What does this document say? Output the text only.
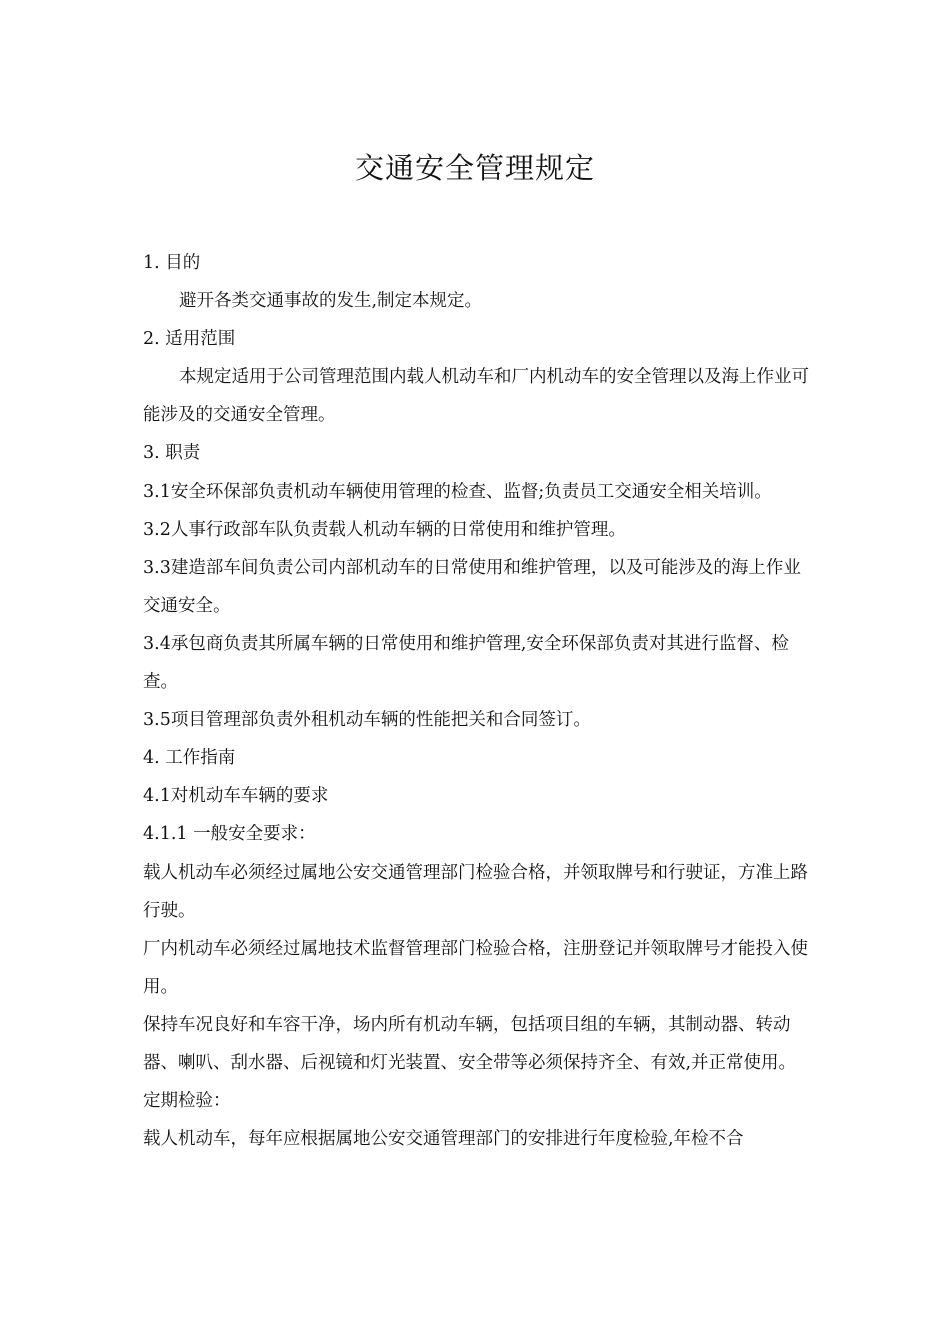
交通安全管理规定

1. 目的

避开各类交通事故的发生,制定本规定。

2. 适用范围

本规定适用于公司管理范围内载人机动车和厂内机动车的安全管理以及海上作业可能涉及的交通安全管理。

3. 职责

3.1安全环保部负责机动车辆使用管理的检查、监督;负责员工交通安全相关培训。

3.2人事行政部车队负责载人机动车辆的日常使用和维护管理。

3.3建造部车间负责公司内部机动车的日常使用和维护管理，以及可能涉及的海上作业交通安全。

3.4承包商负责其所属车辆的日常使用和维护管理,安全环保部负责对其进行监督、检查。

3.5项目管理部负责外租机动车辆的性能把关和合同签订。

4. 工作指南

4.1对机动车车辆的要求

4.1.1 一般安全要求：

载人机动车必须经过属地公安交通管理部门检验合格，并领取牌号和行驶证，方准上路行驶。

厂内机动车必须经过属地技术监督管理部门检验合格，注册登记并领取牌号才能投入使用。

保持车况良好和车容干净，场内所有机动车辆，包括项目组的车辆，其制动器、转动器、喇叭、刮水器、后视镜和灯光装置、安全带等必须保持齐全、有效,并正常使用。

定期检验：

载人机动车，每年应根据属地公安交通管理部门的安排进行年度检验,年检不合
